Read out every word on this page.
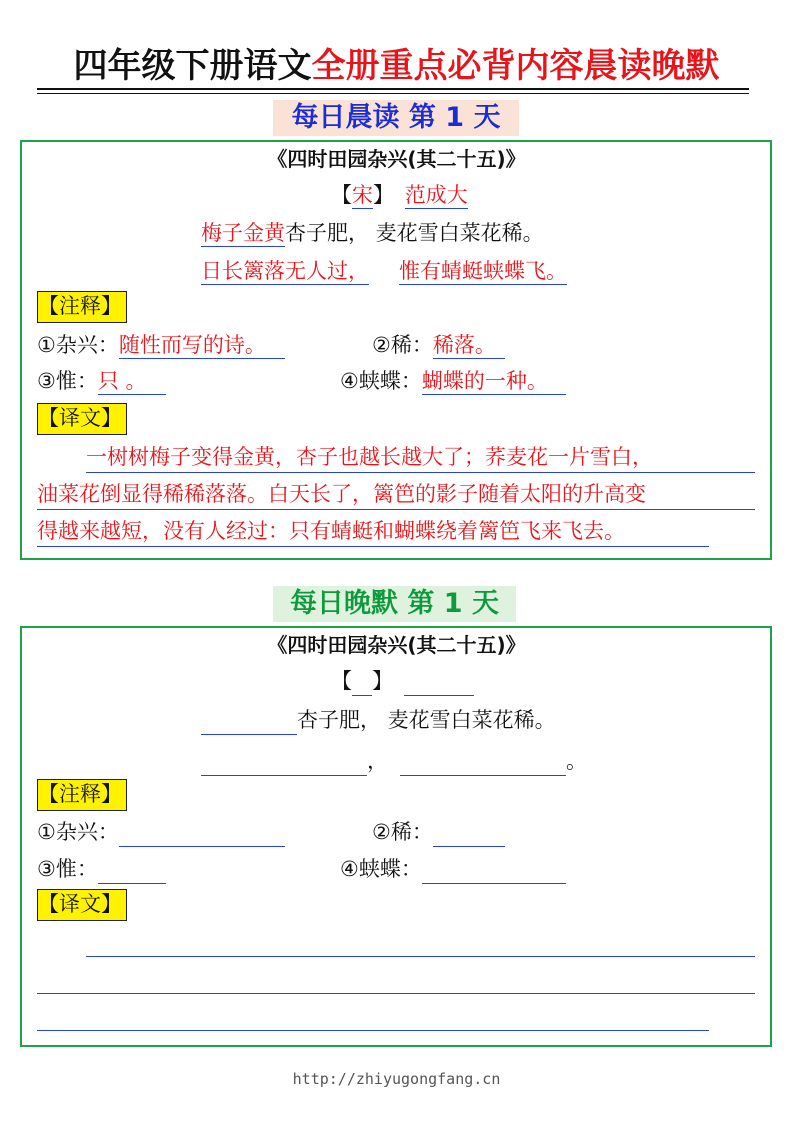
四年级下册语文全册重点必背内容晨读晚默
每日晨读 第 1 天
《四时田园杂兴(其二十五)》
【宋】 范成大
梅子金黄杏子肥， 麦花雪白菜花稀。
日长篱落无人过， 惟有蜻蜓蛱蝶飞。
【注释】
①杂兴：随性而写的诗。	②稀：稀落。
③惟：只 。	④蛱蝶：蝴蝶的一种。
【译文】
一树树梅子变得金黄，杏子也越长越大了；荞麦花一片雪白，
油菜花倒显得稀稀落落。白天长了，篱笆的影子随着太阳的升高变
得越来越短，没有人经过：只有蜻蜓和蝴蝶绕着篱笆飞来飞去。
每日晚默 第 1 天
《四时田园杂兴(其二十五)》
【 】
杏子肥， 麦花雪白菜花稀。
，	。
【注释】
①杂兴：	②稀：
③惟：	④蛱蝶：
【译文】
http://zhiyugongfang.cn
